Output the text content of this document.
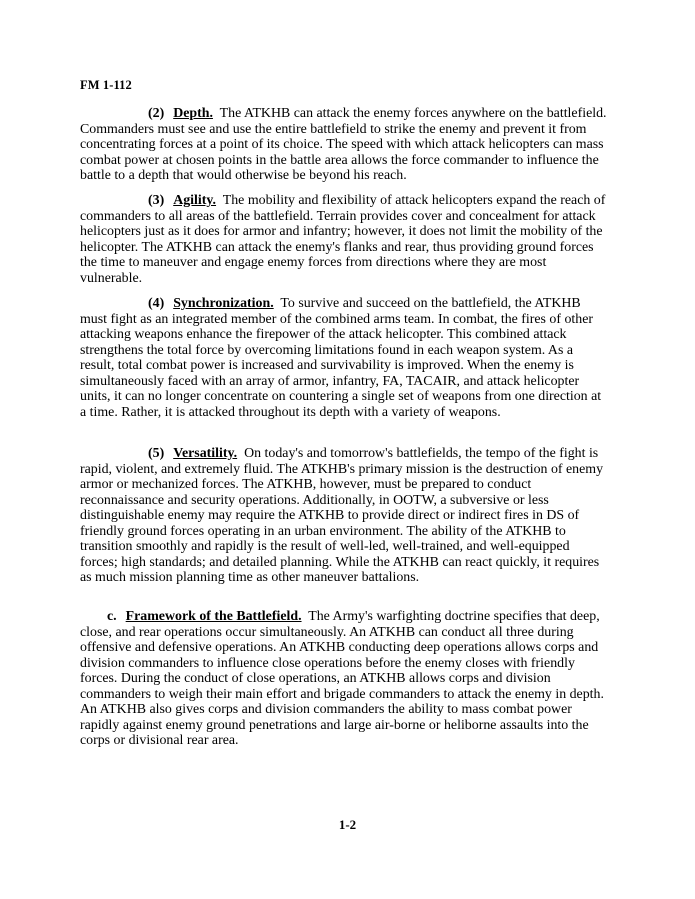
FM 1-112

(2) Depth. The ATKHB can attack the enemy forces anywhere on the battlefield. Commanders must see and use the entire battlefield to strike the enemy and prevent it from concentrating forces at a point of its choice. The speed with which attack helicopters can mass combat power at chosen points in the battle area allows the force commander to influence the battle to a depth that would otherwise be beyond his reach.

(3) Agility. The mobility and flexibility of attack helicopters expand the reach of commanders to all areas of the battlefield. Terrain provides cover and concealment for attack helicopters just as it does for armor and infantry; however, it does not limit the mobility of the helicopter. The ATKHB can attack the enemy's flanks and rear, thus providing ground forces the time to maneuver and engage enemy forces from directions where they are most vulnerable.

(4) Synchronization. To survive and succeed on the battlefield, the ATKHB must fight as an integrated member of the combined arms team. In combat, the fires of other attacking weapons enhance the firepower of the attack helicopter. This combined attack strengthens the total force by overcoming limitations found in each weapon system. As a result, total combat power is increased and survivability is improved. When the enemy is simultaneously faced with an array of armor, infantry, FA, TACAIR, and attack helicopter units, it can no longer concentrate on countering a single set of weapons from one direction at a time. Rather, it is attacked throughout its depth with a variety of weapons.

(5) Versatility. On today's and tomorrow's battlefields, the tempo of the fight is rapid, violent, and extremely fluid. The ATKHB's primary mission is the destruction of enemy armor or mechanized forces. The ATKHB, however, must be prepared to conduct reconnaissance and security operations. Additionally, in OOTW, a subversive or less distinguishable enemy may require the ATKHB to provide direct or indirect fires in DS of friendly ground forces operating in an urban environment. The ability of the ATKHB to transition smoothly and rapidly is the result of well-led, well-trained, and well-equipped forces; high standards; and detailed planning. While the ATKHB can react quickly, it requires as much mission planning time as other maneuver battalions.

c. Framework of the Battlefield. The Army's warfighting doctrine specifies that deep, close, and rear operations occur simultaneously. An ATKHB can conduct all three during offensive and defensive operations. An ATKHB conducting deep operations allows corps and division commanders to influence close operations before the enemy closes with friendly forces. During the conduct of close operations, an ATKHB allows corps and division commanders to weigh their main effort and brigade commanders to attack the enemy in depth. An ATKHB also gives corps and division commanders the ability to mass combat power rapidly against enemy ground penetrations and large air-borne or heliborne assaults into the corps or divisional rear area.

1-2
